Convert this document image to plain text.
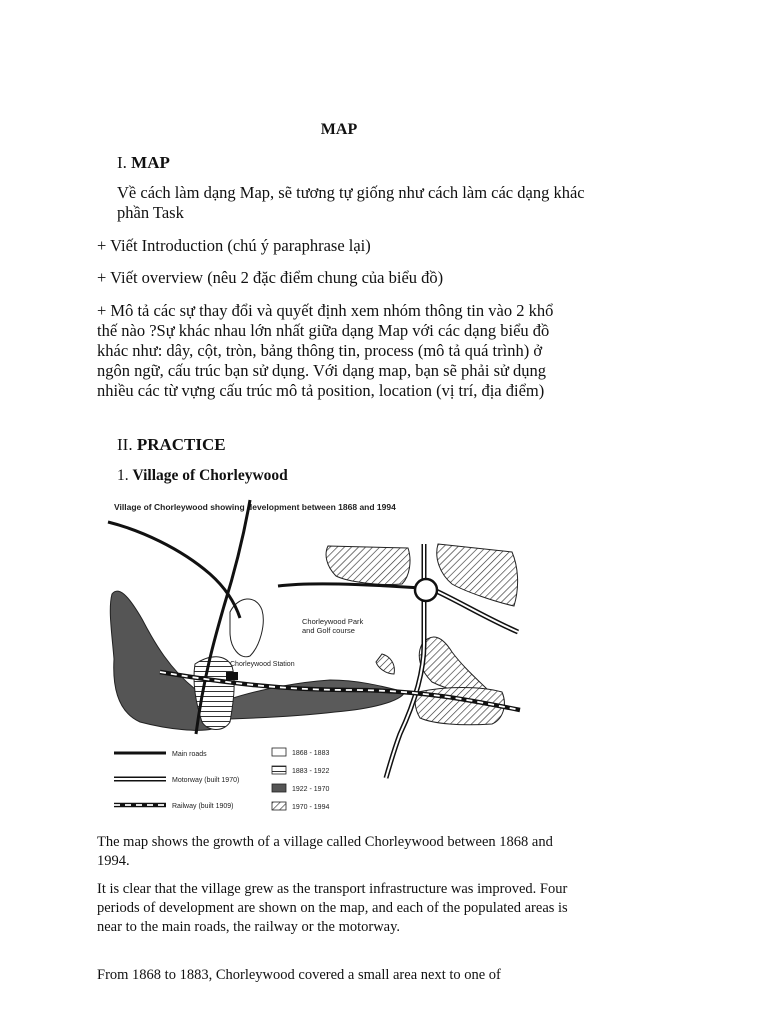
MAP

I. MAP

Về cách làm dạng Map, sẽ tương tự giống như cách làm các dạng khác phần Task

+ Viết Introduction (chú ý paraphrase lại)

+ Viết overview (nêu 2 đặc điểm chung của biểu đồ)

+ Mô tả các sự thay đổi và quyết định xem nhóm thông tin vào 2 khổ thế nào ?Sự khác nhau lớn nhất giữa dạng Map với các dạng biểu đồ khác như: dây, cột, tròn, bảng thông tin, process (mô tả quá trình) ở ngôn ngữ, cấu trúc bạn sử dụng. Với dạng map, bạn sẽ phải sử dụng nhiều các từ vựng cấu trúc mô tả position, location (vị trí, địa điểm)

II. PRACTICE

1. Village of Chorleywood

Village of Chorleywood showing development between 1868 and 1994
Chorleywood Park
and Golf course
Chorleywood Station
Main roads
Motorway (built 1970)
Railway (built 1909)
1868 - 1883
1883 - 1922
1922 - 1970
1970 - 1994

The map shows the growth of a village called Chorleywood between 1868 and 1994.

It is clear that the village grew as the transport infrastructure was improved. Four periods of development are shown on the map, and each of the populated areas is near to the main roads, the railway or the motorway.

From 1868 to 1883, Chorleywood covered a small area next to one of
